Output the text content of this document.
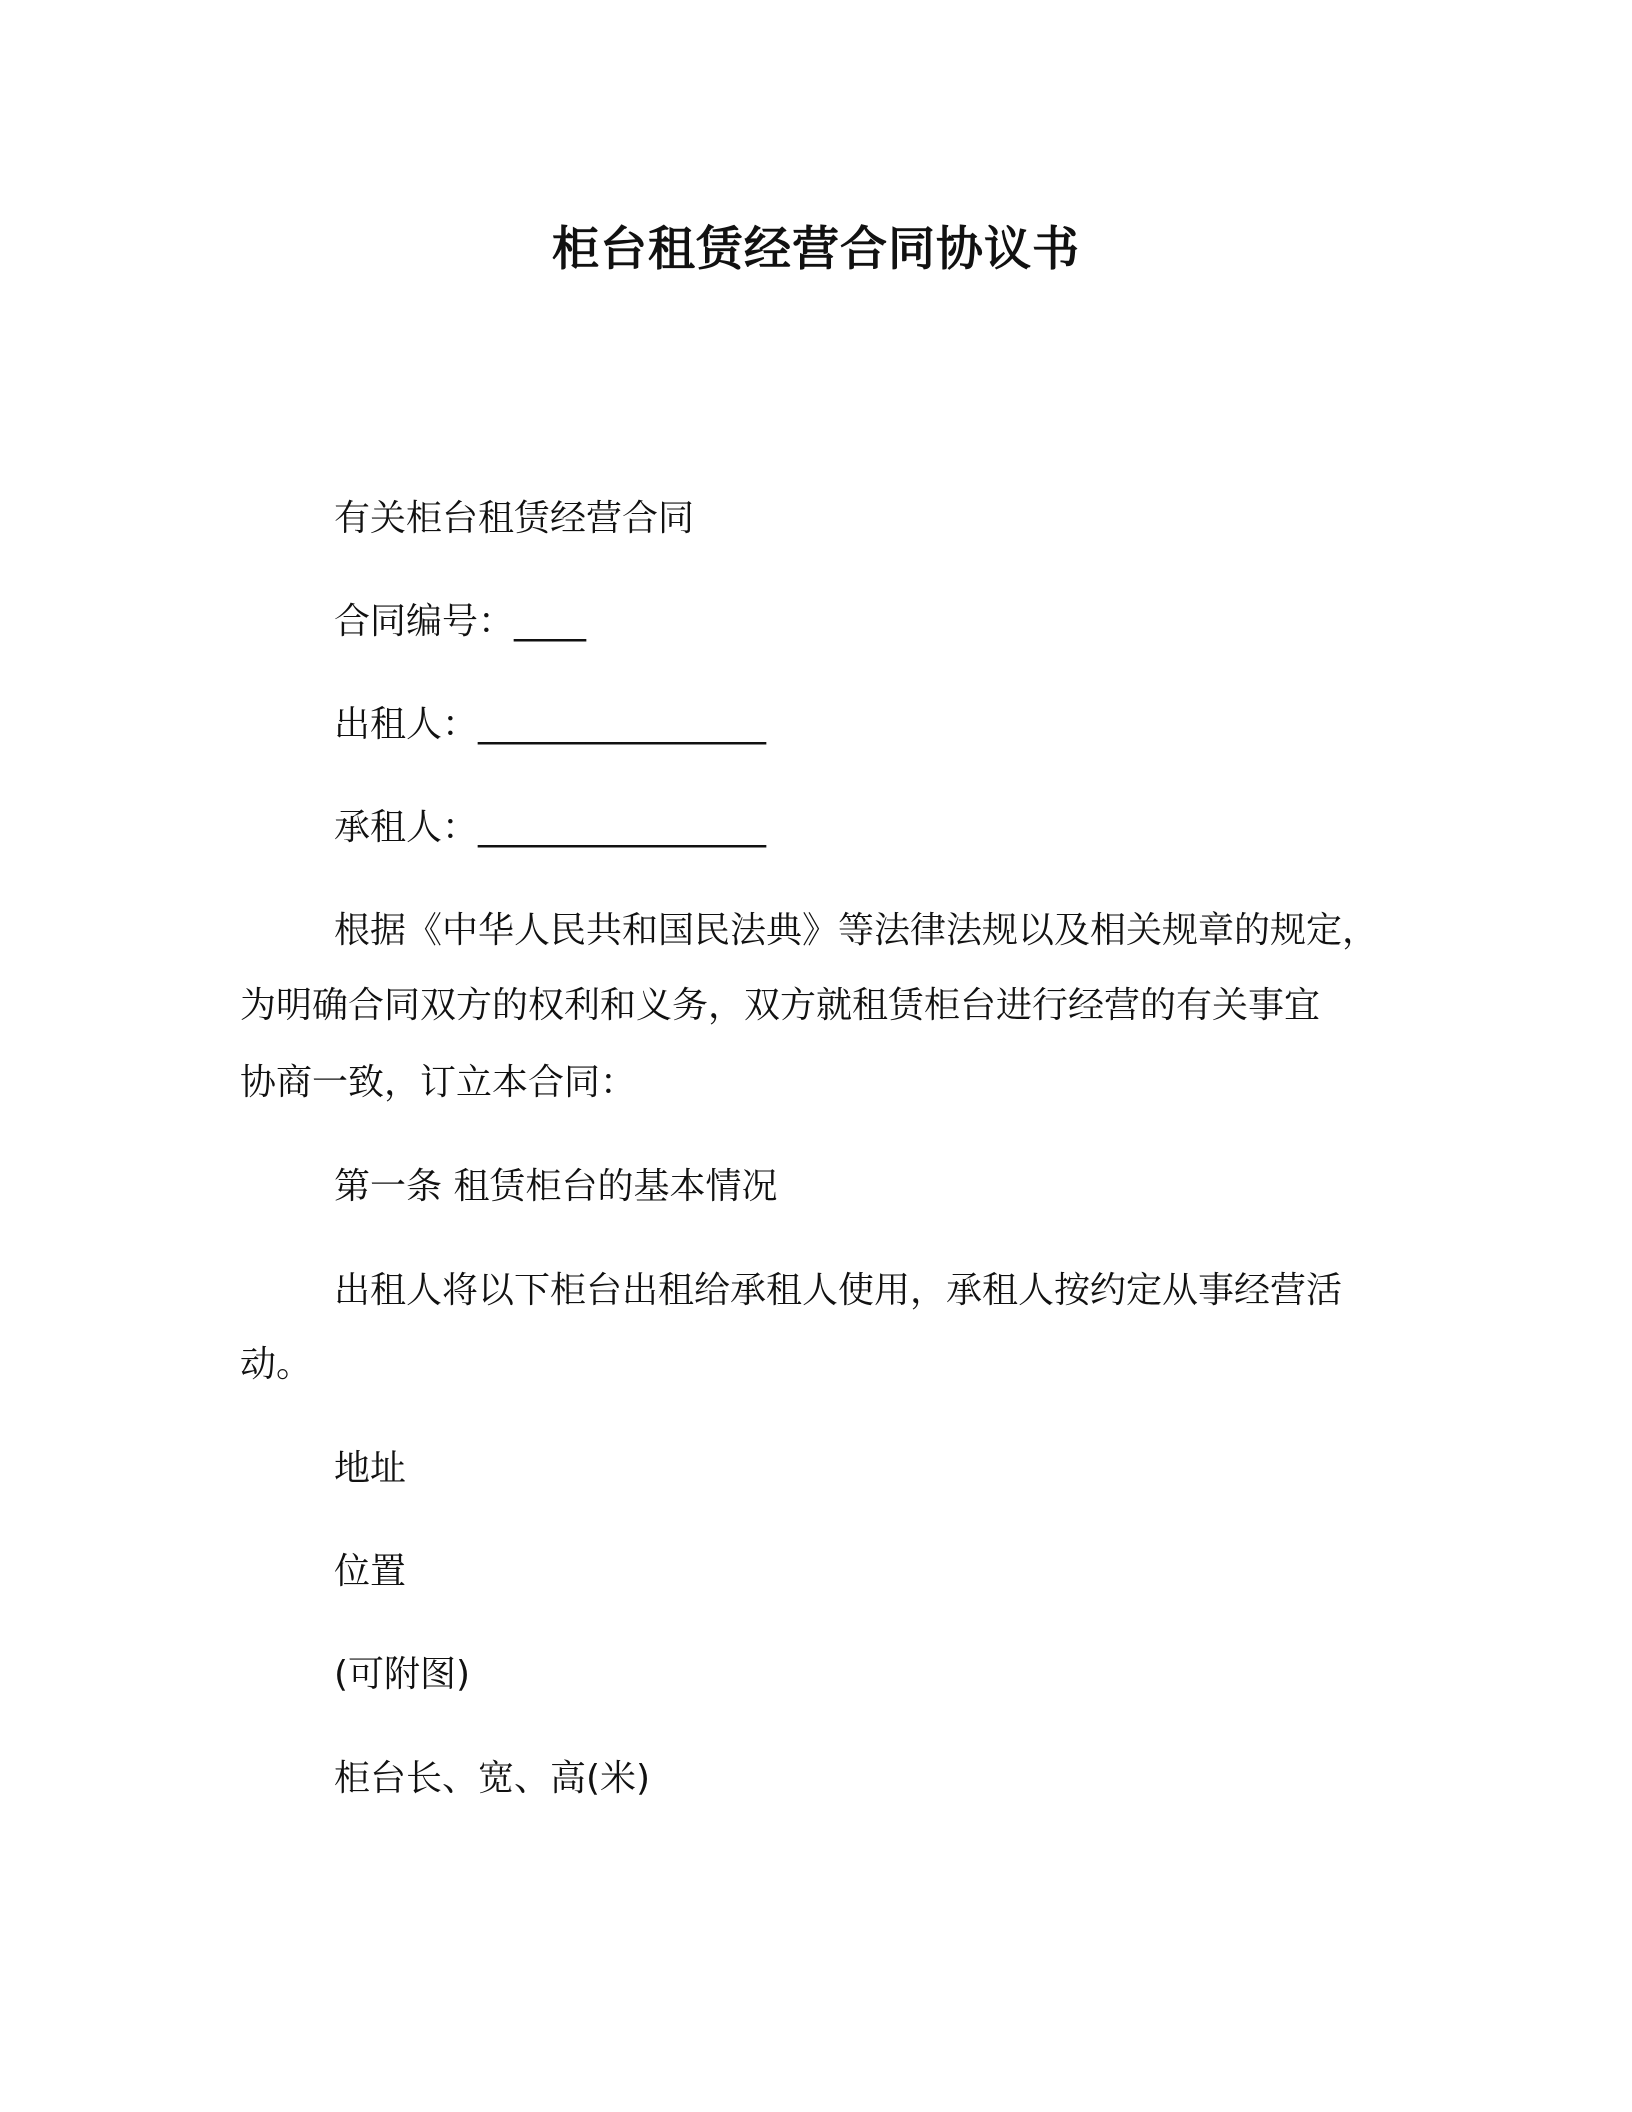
柜台租赁经营合同协议书
有关柜台租赁经营合同
合同编号：____
出租人：________________
承租人：________________
根据《中华人民共和国民法典》等法律法规以及相关规章的规定，
为明确合同双方的权利和义务，双方就租赁柜台进行经营的有关事宜
协商一致，订立本合同：
第一条 租赁柜台的基本情况
出租人将以下柜台出租给承租人使用，承租人按约定从事经营活
动。
地址
位置
(可附图)
柜台长、宽、高(米)
